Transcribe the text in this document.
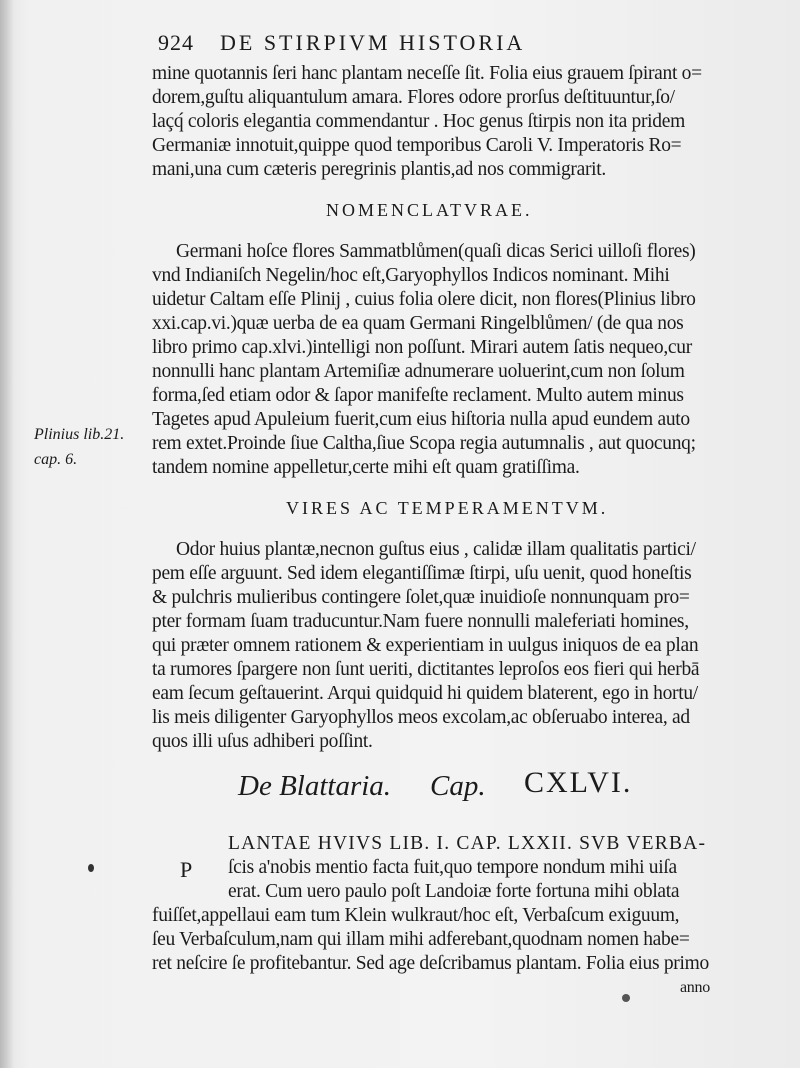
924 DE STIRPIVM HISTORIA
mine quotannis ſeri hanc plantam neceſſe ſit. Folia eius grauem ſpirant o=
dorem,guſtu aliquantulum amara. Flores odore prorſus deſtituuntur,ſo/
laçq́ coloris elegantia commendantur . Hoc genus ſtirpis non ita pridem
Germaniæ innotuit,quippe quod temporibus Caroli V. Imperatoris Ro=
mani,una cum cæteris peregrinis plantis,ad nos commigrarit.
NOMENCLATVRAE.
Germani hoſce flores Sammatblůmen(quaſi dicas Serici uilloſi flores)
vnd Indianiſch Negelin/hoc eſt,Garyophyllos Indicos nominant. Mihi
uidetur Caltam eſſe Plinij , cuius folia olere dicit, non flores(Plinius libro
xxi.cap.vi.)quæ uerba de ea quam Germani Ringelblůmen/ (de qua nos
libro primo cap.xlvi.)intelligi non poſſunt. Mirari autem ſatis nequeo,cur
nonnulli hanc plantam Artemiſiæ adnumerare uoluerint,cum non ſolum
forma,ſed etiam odor & ſapor manifeſte reclament. Multo autem minus
Tagetes apud Apuleium fuerit,cum eius hiſtoria nulla apud eundem auto
rem extet.Proinde ſiue Caltha,ſiue Scopa regia autumnalis , aut quocunq;
tandem nomine appelletur,certe mihi eſt quam gratiſſima.
Plinius lib.21.
cap. 6.
VIRES AC TEMPERAMENTVM.
Odor huius plantæ,necnon guſtus eius , calidæ illam qualitatis partici/
pem eſſe arguunt. Sed idem elegantiſſimæ ſtirpi, uſu uenit, quod honeſtis
& pulchris mulieribus contingere ſolet,quæ inuidioſe nonnunquam pro=
pter formam ſuam traducuntur.Nam fuere nonnulli maleferiati homines,
qui præter omnem rationem & experientiam in uulgus iniquos de ea plan
ta rumores ſpargere non ſunt ueriti, dictitantes leproſos eos fieri qui herbā
eam ſecum geſtauerint. Arqui quidquid hi quidem blaterent, ego in hortu/
lis meis diligenter Garyophyllos meos excolam,ac obſeruabo interea, ad
quos illi uſus adhiberi poſſint.
De Blattaria. Cap. CXLVI.
P
LANTAE HVIVS LIB. I. CAP. LXXII. SVB VERBA-
ſcis a'nobis mentio facta fuit,quo tempore nondum mihi uiſa
erat. Cum uero paulo poſt Landoiæ forte fortuna mihi oblata
fuiſſet,appellaui eam tum Klein wulkraut/hoc eſt, Verbaſcum exiguum,
ſeu Verbaſculum,nam qui illam mihi adferebant,quodnam nomen habe=
ret neſcire ſe profitebantur. Sed age deſcribamus plantam. Folia eius primo
anno
